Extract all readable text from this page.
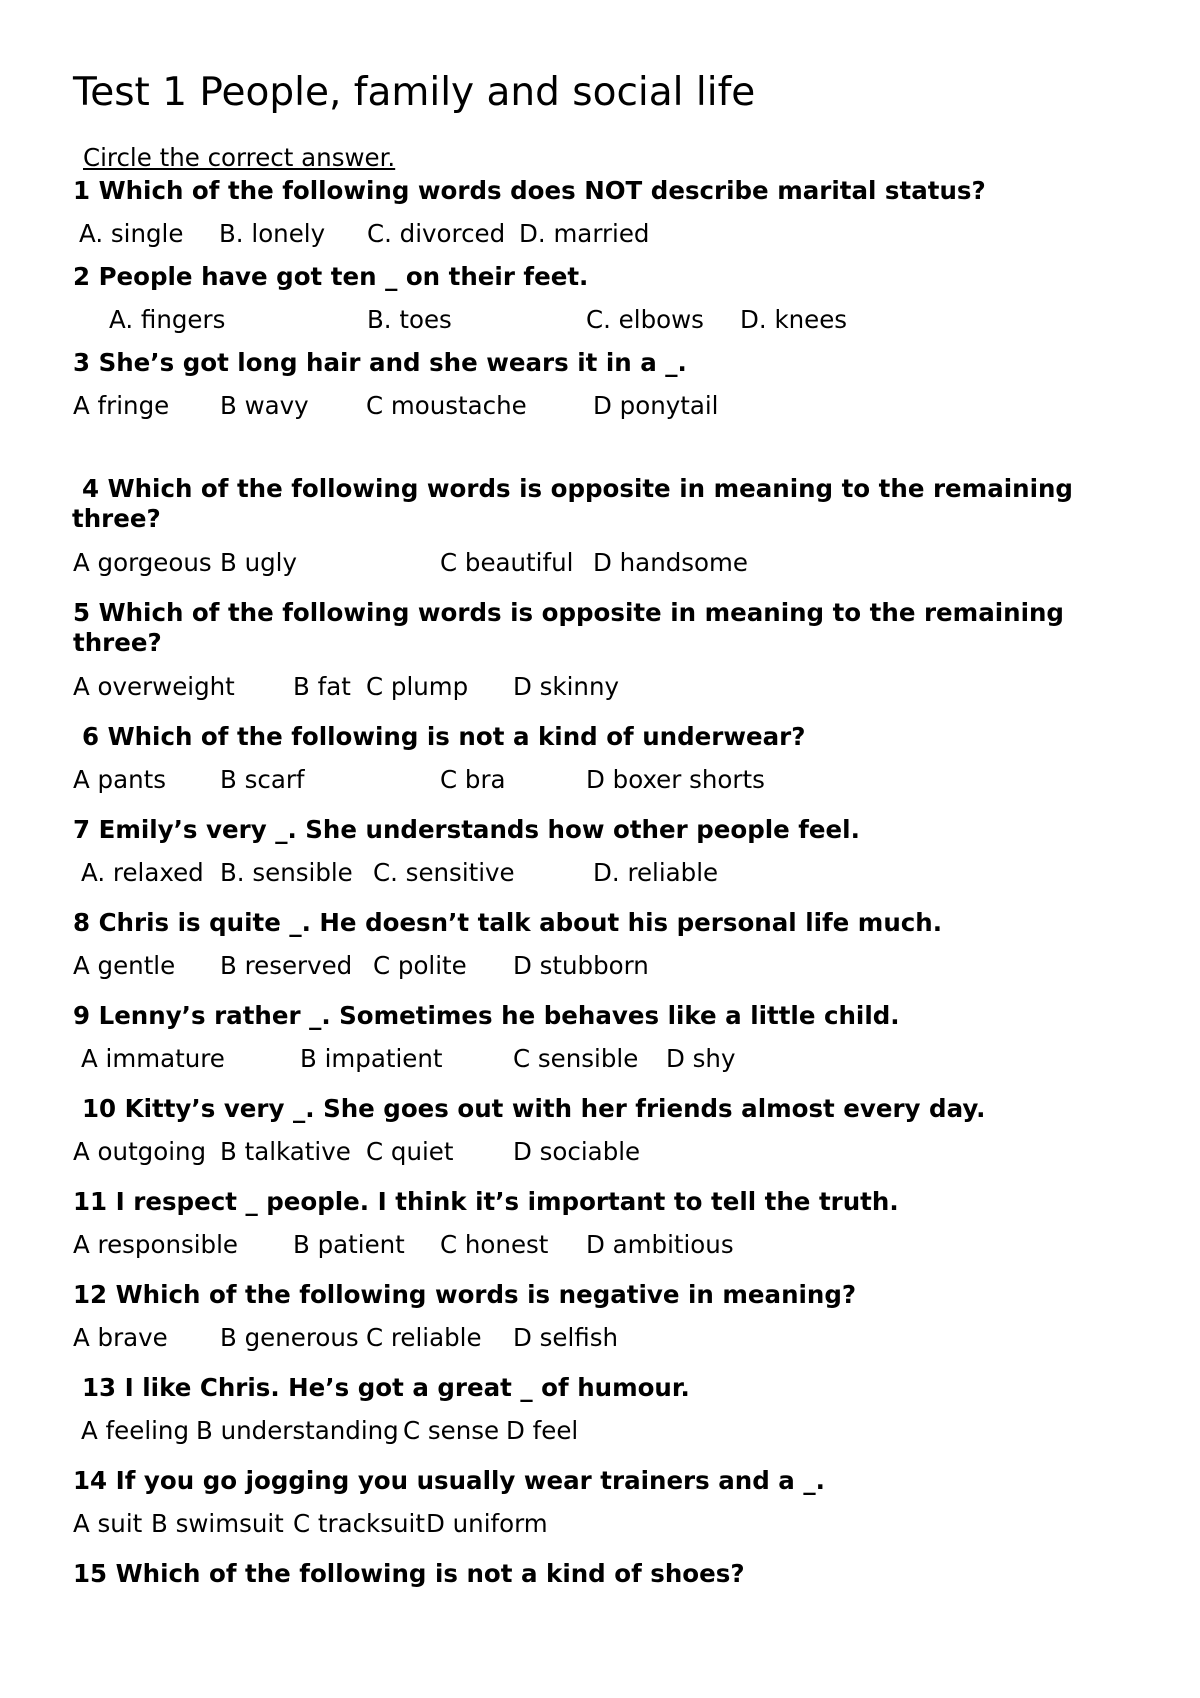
Test 1 People, family and social life
Circle the correct answer.
1 Which of the following words does NOT describe marital status?
A. single B. lonely C. divorced D. married
2 People have got ten _ on their feet.
A. fingers	B. toes	C. elbows D. knees
3 She’s got long hair and she wears it in a _.
A fringe B wavy C moustache	D ponytail
4 Which of the following words is opposite in meaning to the remaining three?
A gorgeous B ugly	C beautiful D handsome
5 Which of the following words is opposite in meaning to the remaining three?
A overweight B fat C plump D skinny
6 Which of the following is not a kind of underwear?
A pants B scarf	C bra	D boxer shorts
7 Emily’s very _. She understands how other people feel.
A. relaxed B. sensible C. sensitive	D. reliable
8 Chris is quite _. He doesn’t talk about his personal life much.
A gentle B reserved C polite D stubborn
9 Lenny’s rather _. Sometimes he behaves like a little child.
A immature	B impatient	C sensible D shy
10 Kitty’s very _. She goes out with her friends almost every day.
A outgoing B talkative C quiet D sociable
11 I respect _ people. I think it’s important to tell the truth.
A responsible B patient C honest D ambitious
12 Which of the following words is negative in meaning?
A brave B generous C reliable D selfish
13 I like Chris. He’s got a great _ of humour.
A feeling B understanding C sense D feel
14 If you go jogging you usually wear trainers and a _.
A suit B swimsuit C tracksuit D uniform
15 Which of the following is not a kind of shoes?
